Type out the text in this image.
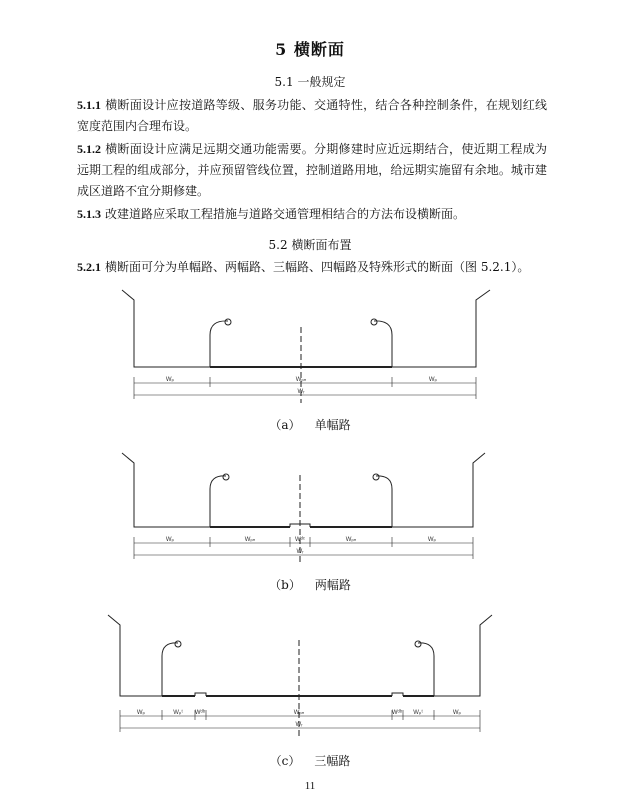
5 横断面
5.1 一般规定
5.1.1 横断面设计应按道路等级、服务功能、交通特性，结合各种控制条件，在规划红线宽度范围内合理布设。
5.1.2 横断面设计应满足远期交通功能需要。分期修建时应近远期结合，使近期工程成为远期工程的组成部分，并应预留管线位置，控制道路用地，给远期实施留有余地。城市建成区道路不宜分期修建。
5.1.3 改建道路应采取工程措施与道路交通管理相结合的方法布设横断面。
5.2 横断面布置
5.2.1 横断面可分为单幅路、两幅路、三幅路、四幅路及特殊形式的断面（图 5.2.1）。
Wₚ	Wₚₙ	Wₚ
Wᵣ
（a） 单幅路
Wₚ	Wₚₙ	Wᵈᶜ	Wₚₙ	Wₚ
Wᵣ
（b） 两幅路
Wₚ	Wₚᵗ Wᵈᵇ	Wₚₙ	Wᵈᵇ Wₚᵗ	Wₚ
Wᵣ
（c） 三幅路
11
